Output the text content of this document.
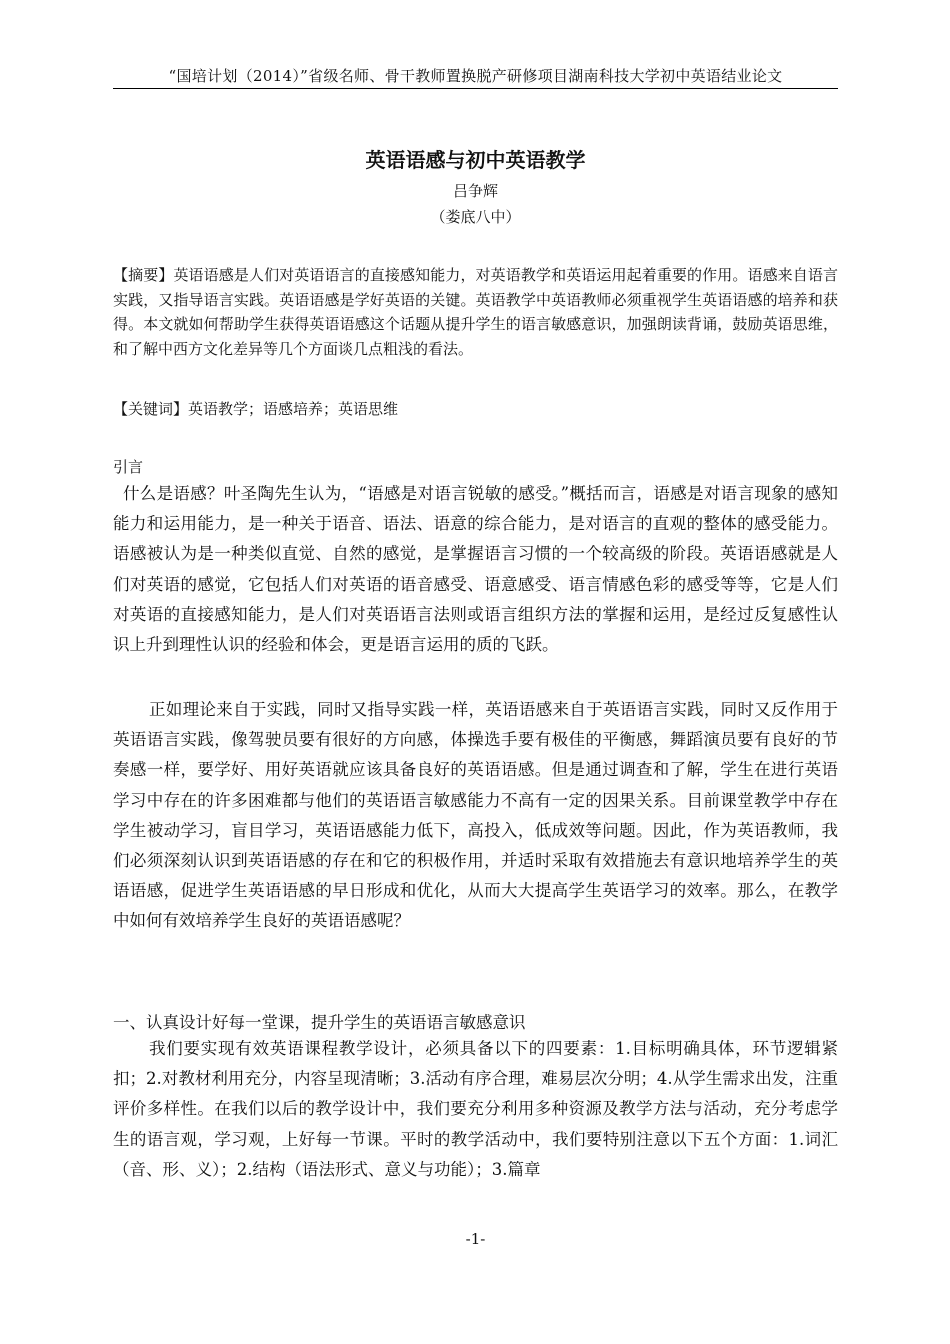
“国培计划（2014）”省级名师、骨干教师置换脱产研修项目湖南科技大学初中英语结业论文
英语语感与初中英语教学
吕争辉
（娄底八中）
【摘要】英语语感是人们对英语语言的直接感知能力，对英语教学和英语运用起着重要的作用。语感来自语言实践，又指导语言实践。英语语感是学好英语的关键。英语教学中英语教师必须重视学生英语语感的培养和获得。本文就如何帮助学生获得英语语感这个话题从提升学生的语言敏感意识，加强朗读背诵，鼓励英语思维，和了解中西方文化差异等几个方面谈几点粗浅的看法。
【关键词】英语教学；语感培养；英语思维
引言
什么是语感？叶圣陶先生认为，“语感是对语言锐敏的感受。”概括而言，语感是对语言现象的感知能力和运用能力，是一种关于语音、语法、语意的综合能力，是对语言的直观的整体的感受能力。语感被认为是一种类似直觉、自然的感觉，是掌握语言习惯的一个较高级的阶段。英语语感就是人们对英语的感觉，它包括人们对英语的语音感受、语意感受、语言情感色彩的感受等等，它是人们对英语的直接感知能力，是人们对英语语言法则或语言组织方法的掌握和运用，是经过反复感性认识上升到理性认识的经验和体会，更是语言运用的质的飞跃。
正如理论来自于实践，同时又指导实践一样，英语语感来自于英语语言实践，同时又反作用于英语语言实践，像驾驶员要有很好的方向感，体操选手要有极佳的平衡感，舞蹈演员要有良好的节奏感一样，要学好、用好英语就应该具备良好的英语语感。但是通过调查和了解，学生在进行英语学习中存在的许多困难都与他们的英语语言敏感能力不高有一定的因果关系。目前课堂教学中存在学生被动学习，盲目学习，英语语感能力低下，高投入，低成效等问题。因此，作为英语教师，我们必须深刻认识到英语语感的存在和它的积极作用，并适时采取有效措施去有意识地培养学生的英语语感，促进学生英语语感的早日形成和优化，从而大大提高学生英语学习的效率。那么，在教学中如何有效培养学生良好的英语语感呢？
一、认真设计好每一堂课，提升学生的英语语言敏感意识
我们要实现有效英语课程教学设计，必须具备以下的四要素：1.目标明确具体，环节逻辑紧扣；2.对教材利用充分，内容呈现清晰；3.活动有序合理，难易层次分明；4.从学生需求出发，注重评价多样性。在我们以后的教学设计中，我们要充分利用多种资源及教学方法与活动，充分考虑学生的语言观，学习观，上好每一节课。平时的教学活动中，我们要特别注意以下五个方面：1.词汇（音、形、义）；2.结构（语法形式、意义与功能）；3.篇章
-1-
